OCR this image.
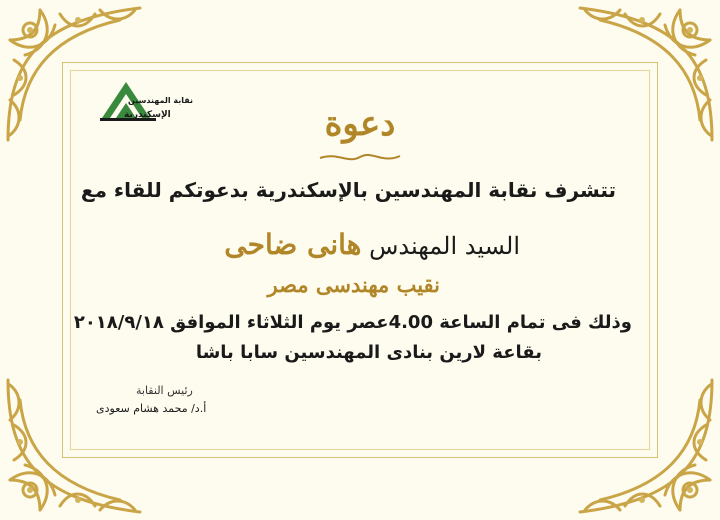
نقابة المهندسين
الإسكندرية	دعوة
تتشرف نقابة المهندسين بالإسكندرية بدعوتكم للقاء مع
السيد المهندس هانى ضاحى
نقيب مهندسى مصر
وذلك فى تمام الساعة 4.00عصر يوم الثلاثاء الموافق ٢٠١٨/٩/١٨
بقاعة لارين بنادى المهندسين سابا باشا
رئيس النقابة
أ.د/ محمد هشام سعودى
